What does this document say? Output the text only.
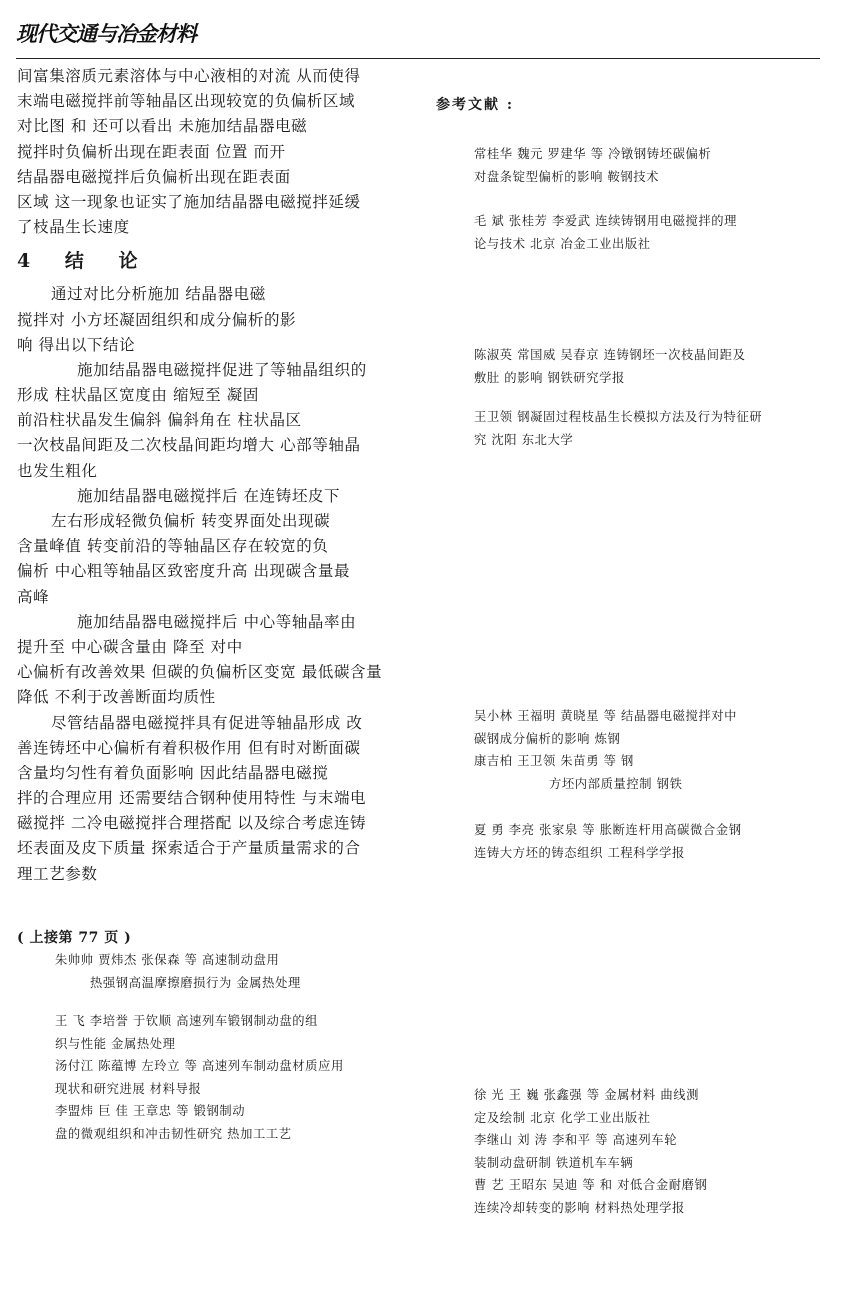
现代交通与冶金材料
间富集溶质元素溶体与中心液相的对流 从而使得
末端电磁搅拌前等轴晶区出现较宽的负偏析区域
对比图 和 还可以看出 未施加结晶器电磁
搅拌时负偏析出现在距表面 位置 而开
结晶器电磁搅拌后负偏析出现在距表面
区域 这一现象也证实了施加结晶器电磁搅拌延缓
了枝晶生长速度
4 结 论
通过对比分析施加 结晶器电磁
搅拌对 小方坯凝固组织和成分偏析的影
响 得出以下结论
施加结晶器电磁搅拌促进了等轴晶组织的
形成 柱状晶区宽度由 缩短至 凝固
前沿柱状晶发生偏斜 偏斜角在 柱状晶区
一次枝晶间距及二次枝晶间距均增大 心部等轴晶
也发生粗化
施加结晶器电磁搅拌后 在连铸坯皮下
左右形成轻微负偏析 转变界面处出现碳
含量峰值 转变前沿的等轴晶区存在较宽的负
偏析 中心粗等轴晶区致密度升高 出现碳含量最
高峰
施加结晶器电磁搅拌后 中心等轴晶率由
提升至 中心碳含量由 降至 对中
心偏析有改善效果 但碳的负偏析区变宽 最低碳含量
降低 不利于改善断面均质性
尽管结晶器电磁搅拌具有促进等轴晶形成 改
善连铸坯中心偏析有着积极作用 但有时对断面碳
含量均匀性有着负面影响 因此结晶器电磁搅
拌的合理应用 还需要结合钢种使用特性 与末端电
磁搅拌 二冷电磁搅拌合理搭配 以及综合考虑连铸
坯表面及皮下质量 探索适合于产量质量需求的合
理工艺参数
( 上接第 77 页 )
朱帅帅 贾炜杰 张保森 等 高速制动盘用
热强钢高温摩擦磨损行为 金属热处理
王 飞 李培誉 于钦顺 高速列车锻钢制动盘的组
织与性能 金属热处理
汤付江 陈蕴博 左玲立 等 高速列车制动盘材质应用
现状和研究进展 材料导报
李盟炜 巨 佳 王章忠 等 锻钢制动
盘的微观组织和冲击韧性研究 热加工工艺
参考文献 :
常桂华 魏元 罗建华 等 冷镦钢铸坯碳偏析
对盘条锭型偏析的影响 鞍钢技术
毛 斌 张桂芳 李爱武 连续铸钢用电磁搅拌的理
论与技术 北京 冶金工业出版社
陈淑英 常国威 吴春京 连铸钢坯一次枝晶间距及
敷肚 的影响 钢铁研究学报
王卫领 钢凝固过程枝晶生长模拟方法及行为特征研
究 沈阳 东北大学
吴小林 王福明 黄晓星 等 结晶器电磁搅拌对中
碳钢成分偏析的影响 炼钢
康吉柏 王卫领 朱苗勇 等 钢
方坯内部质量控制 钢铁
夏 勇 李亮 张家泉 等 胀断连杆用高碳微合金钢
连铸大方坯的铸态组织 工程科学学报
徐 光 王 巍 张鑫强 等 金属材料 曲线测
定及绘制 北京 化学工业出版社
李继山 刘 涛 李和平 等 高速列车轮
装制动盘研制 铁道机车车辆
曹 艺 王昭东 吴迪 等 和 对低合金耐磨钢
连续冷却转变的影响 材料热处理学报
